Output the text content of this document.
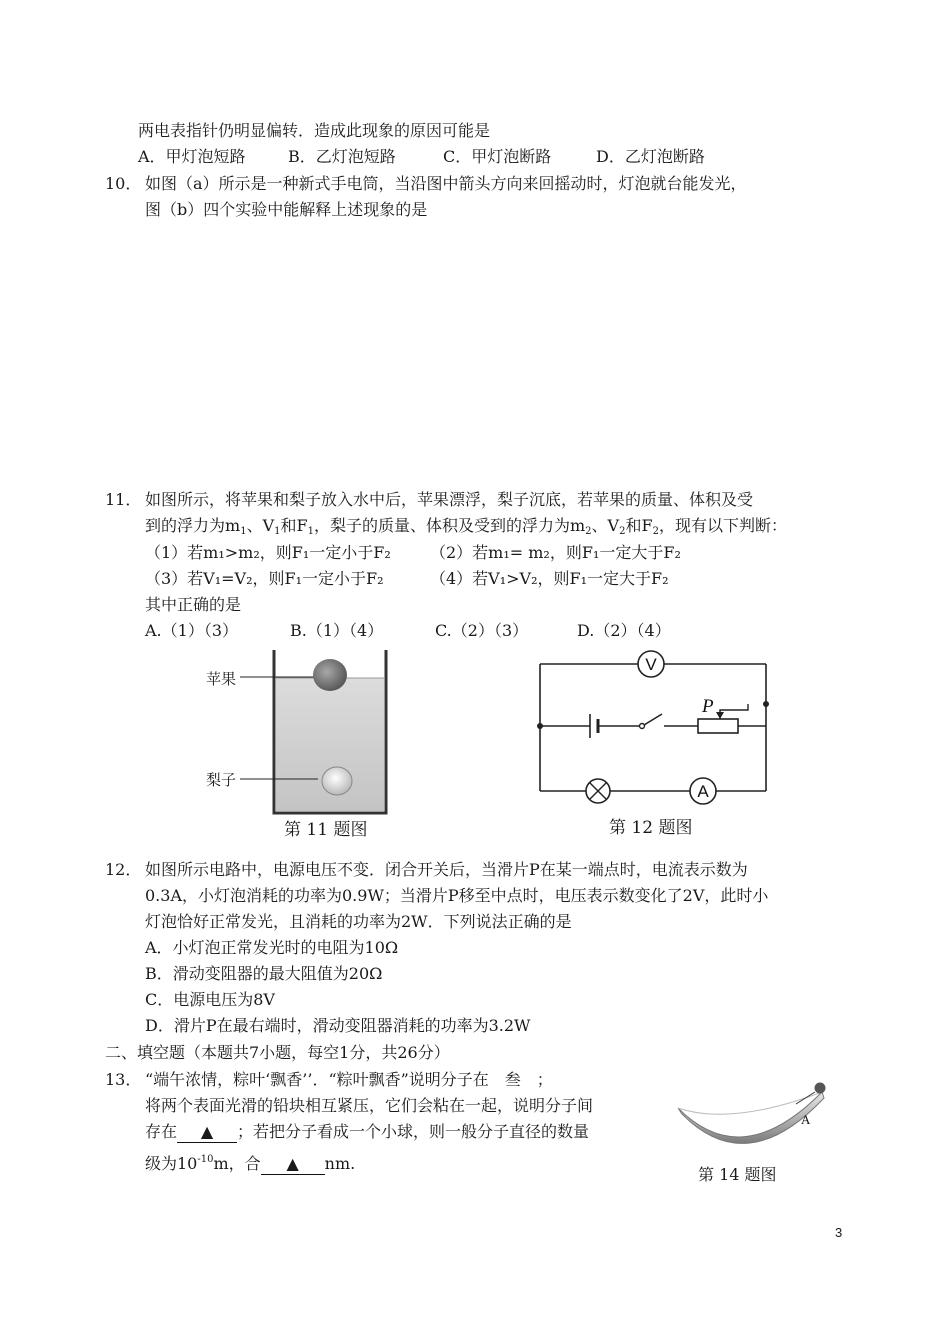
两电表指针仍明显偏转．造成此现象的原因可能是
A．甲灯泡短路	B．乙灯泡短路	C．甲灯泡断路	D．乙灯泡断路
10． 如图（a）所示是一种新式手电筒，当沿图中箭头方向来回摇动时，灯泡就台能发光，
图（b）四个实验中能解释上述现象的是
11． 如图所示，将苹果和梨子放入水中后，苹果漂浮，梨子沉底，若苹果的质量、体积及受
到的浮力为$m_1$、$V_1$和$F_1$，梨子的质量、体积及受到的浮力为$m_2$、$V_2$和$F_2$，现有以下判断：
（1）若m₁>m₂，则F₁一定小于F₂ （2）若m₁= m₂，则F₁一定大于F₂
（3）若V₁=V₂，则F₁一定小于F₂	（4）若V₁>V₂，则F₁一定大于F₂
其中正确的是
A.（1）（3）	B.（1）（4）	C.（2）（3）	D.（2）（4）
苹果
梨子
第 11 题图
V
P
A
第 12 题图
12． 如图所示电路中，电源电压不变．闭合开关后，当滑片P在某一端点时，电流表示数为
0.3A，小灯泡消耗的功率为0.9W；当滑片P移至中点时，电压表示数变化了2V，此时小
灯泡恰好正常发光，且消耗的功率为2W．下列说法正确的是
A．小灯泡正常发光时的电阻为10Ω
B．滑动变阻器的最大阻值为20Ω
C．电源电压为8V
D．滑片P在最右端时，滑动变阻器消耗的功率为3.2W
二、填空题（本题共7小题，每空1分，共26分）
13． “端午浓情，粽叶‘飘香’’．“粽叶飘香”说明分子在　叁　；
将两个表面光滑的铅块相互紧压，它们会粘在一起，说明分子间
存在 ▲ ；若把分子看成一个小球，则一般分子直径的数量
级为$10^{-10}m$，合 ▲ nm.
A
第 14 题图
3
